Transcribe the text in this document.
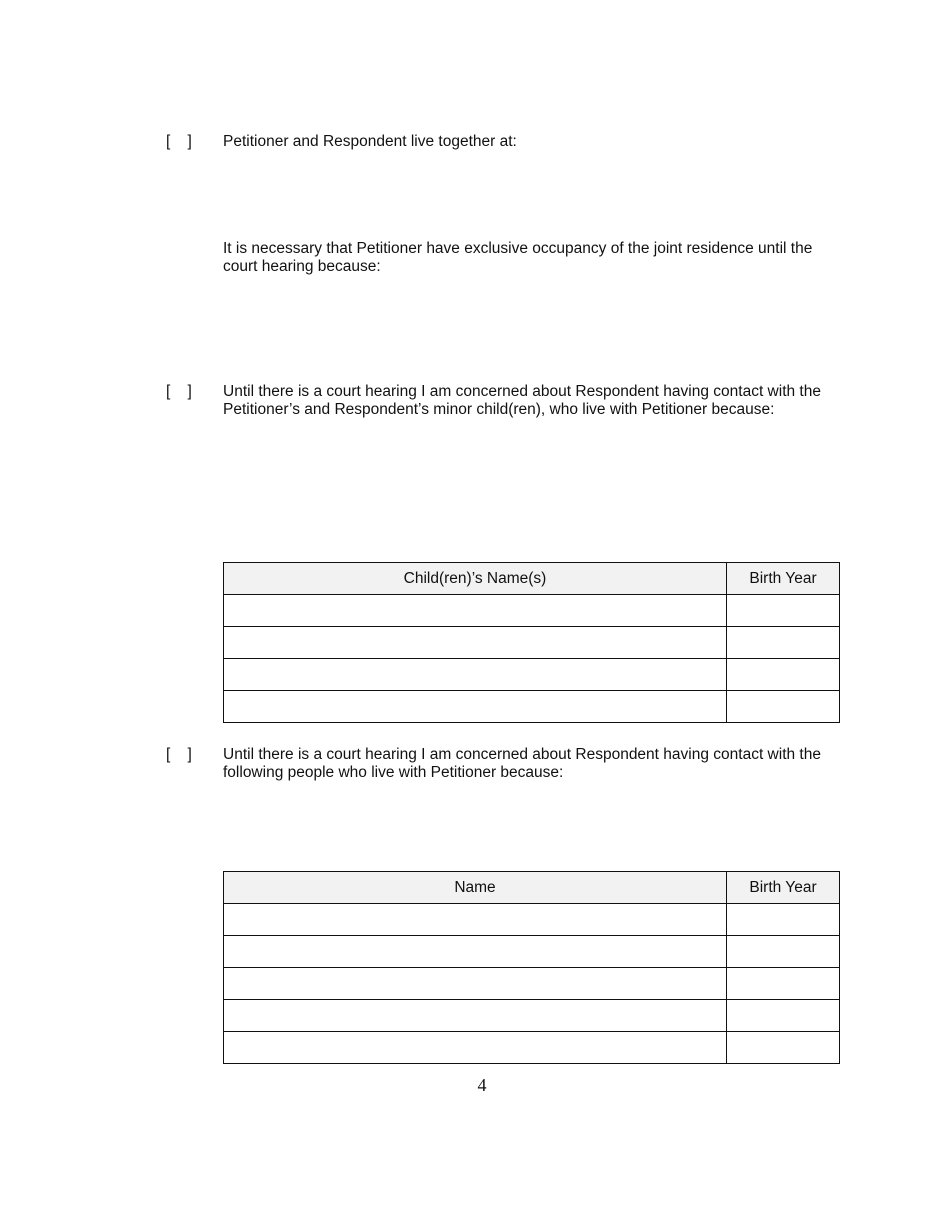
[    ] Petitioner and Respondent live together at:
It is necessary that Petitioner have exclusive occupancy of the joint residence until the court hearing because:
[    ] Until there is a court hearing I am concerned about Respondent having contact with the Petitioner’s and Respondent’s minor child(ren), who live with Petitioner because:
Child(ren)’s Name(s)	Birth Year

[    ] Until there is a court hearing I am concerned about Respondent having contact with the following people who live with Petitioner because:
Name	Birth Year

4
